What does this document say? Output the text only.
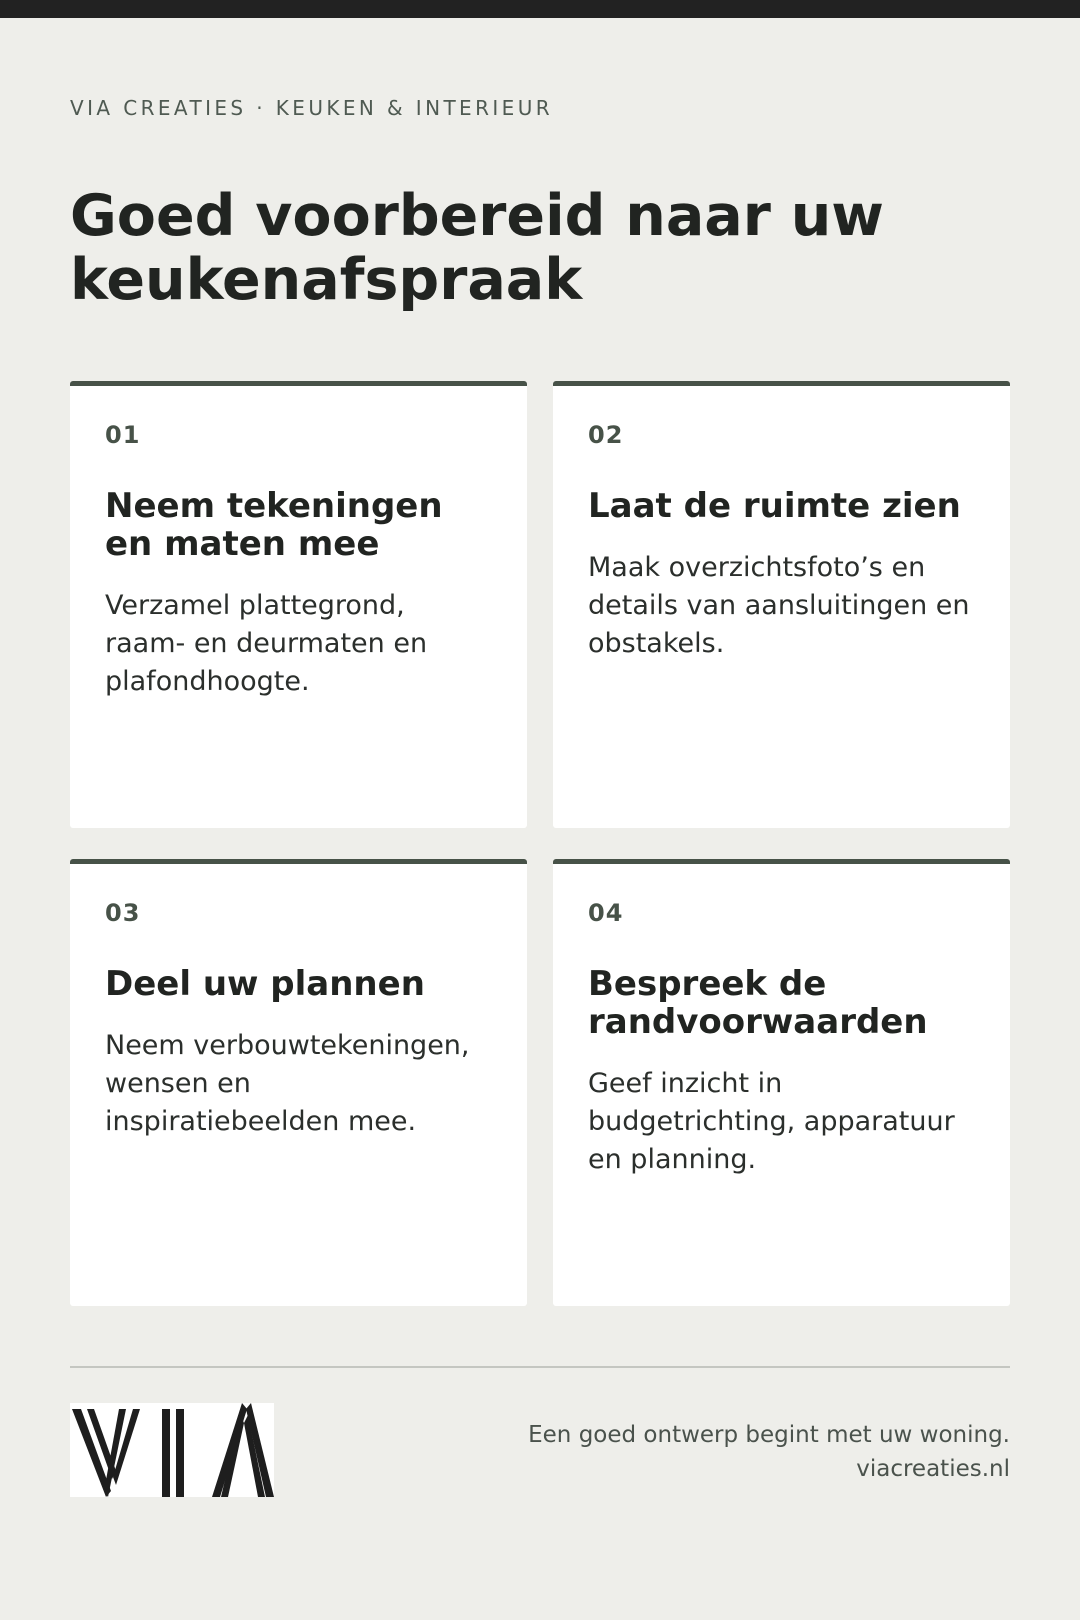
VIA CREATIES · KEUKEN & INTERIEUR
Goed voorbereid naar uw keukenafspraak
01
Neem tekeningen en maten mee
Verzamel plattegrond, raam- en deurmaten en plafondhoogte.
02
Laat de ruimte zien
Maak overzichtsfoto’s en details van aansluitingen en obstakels.
03
Deel uw plannen
Neem verbouwtekeningen, wensen en inspiratiebeelden mee.
04
Bespreek de randvoorwaarden
Geef inzicht in budgetrichting, apparatuur en planning.
Een goed ontwerp begint met uw woning.
viacreaties.nl
